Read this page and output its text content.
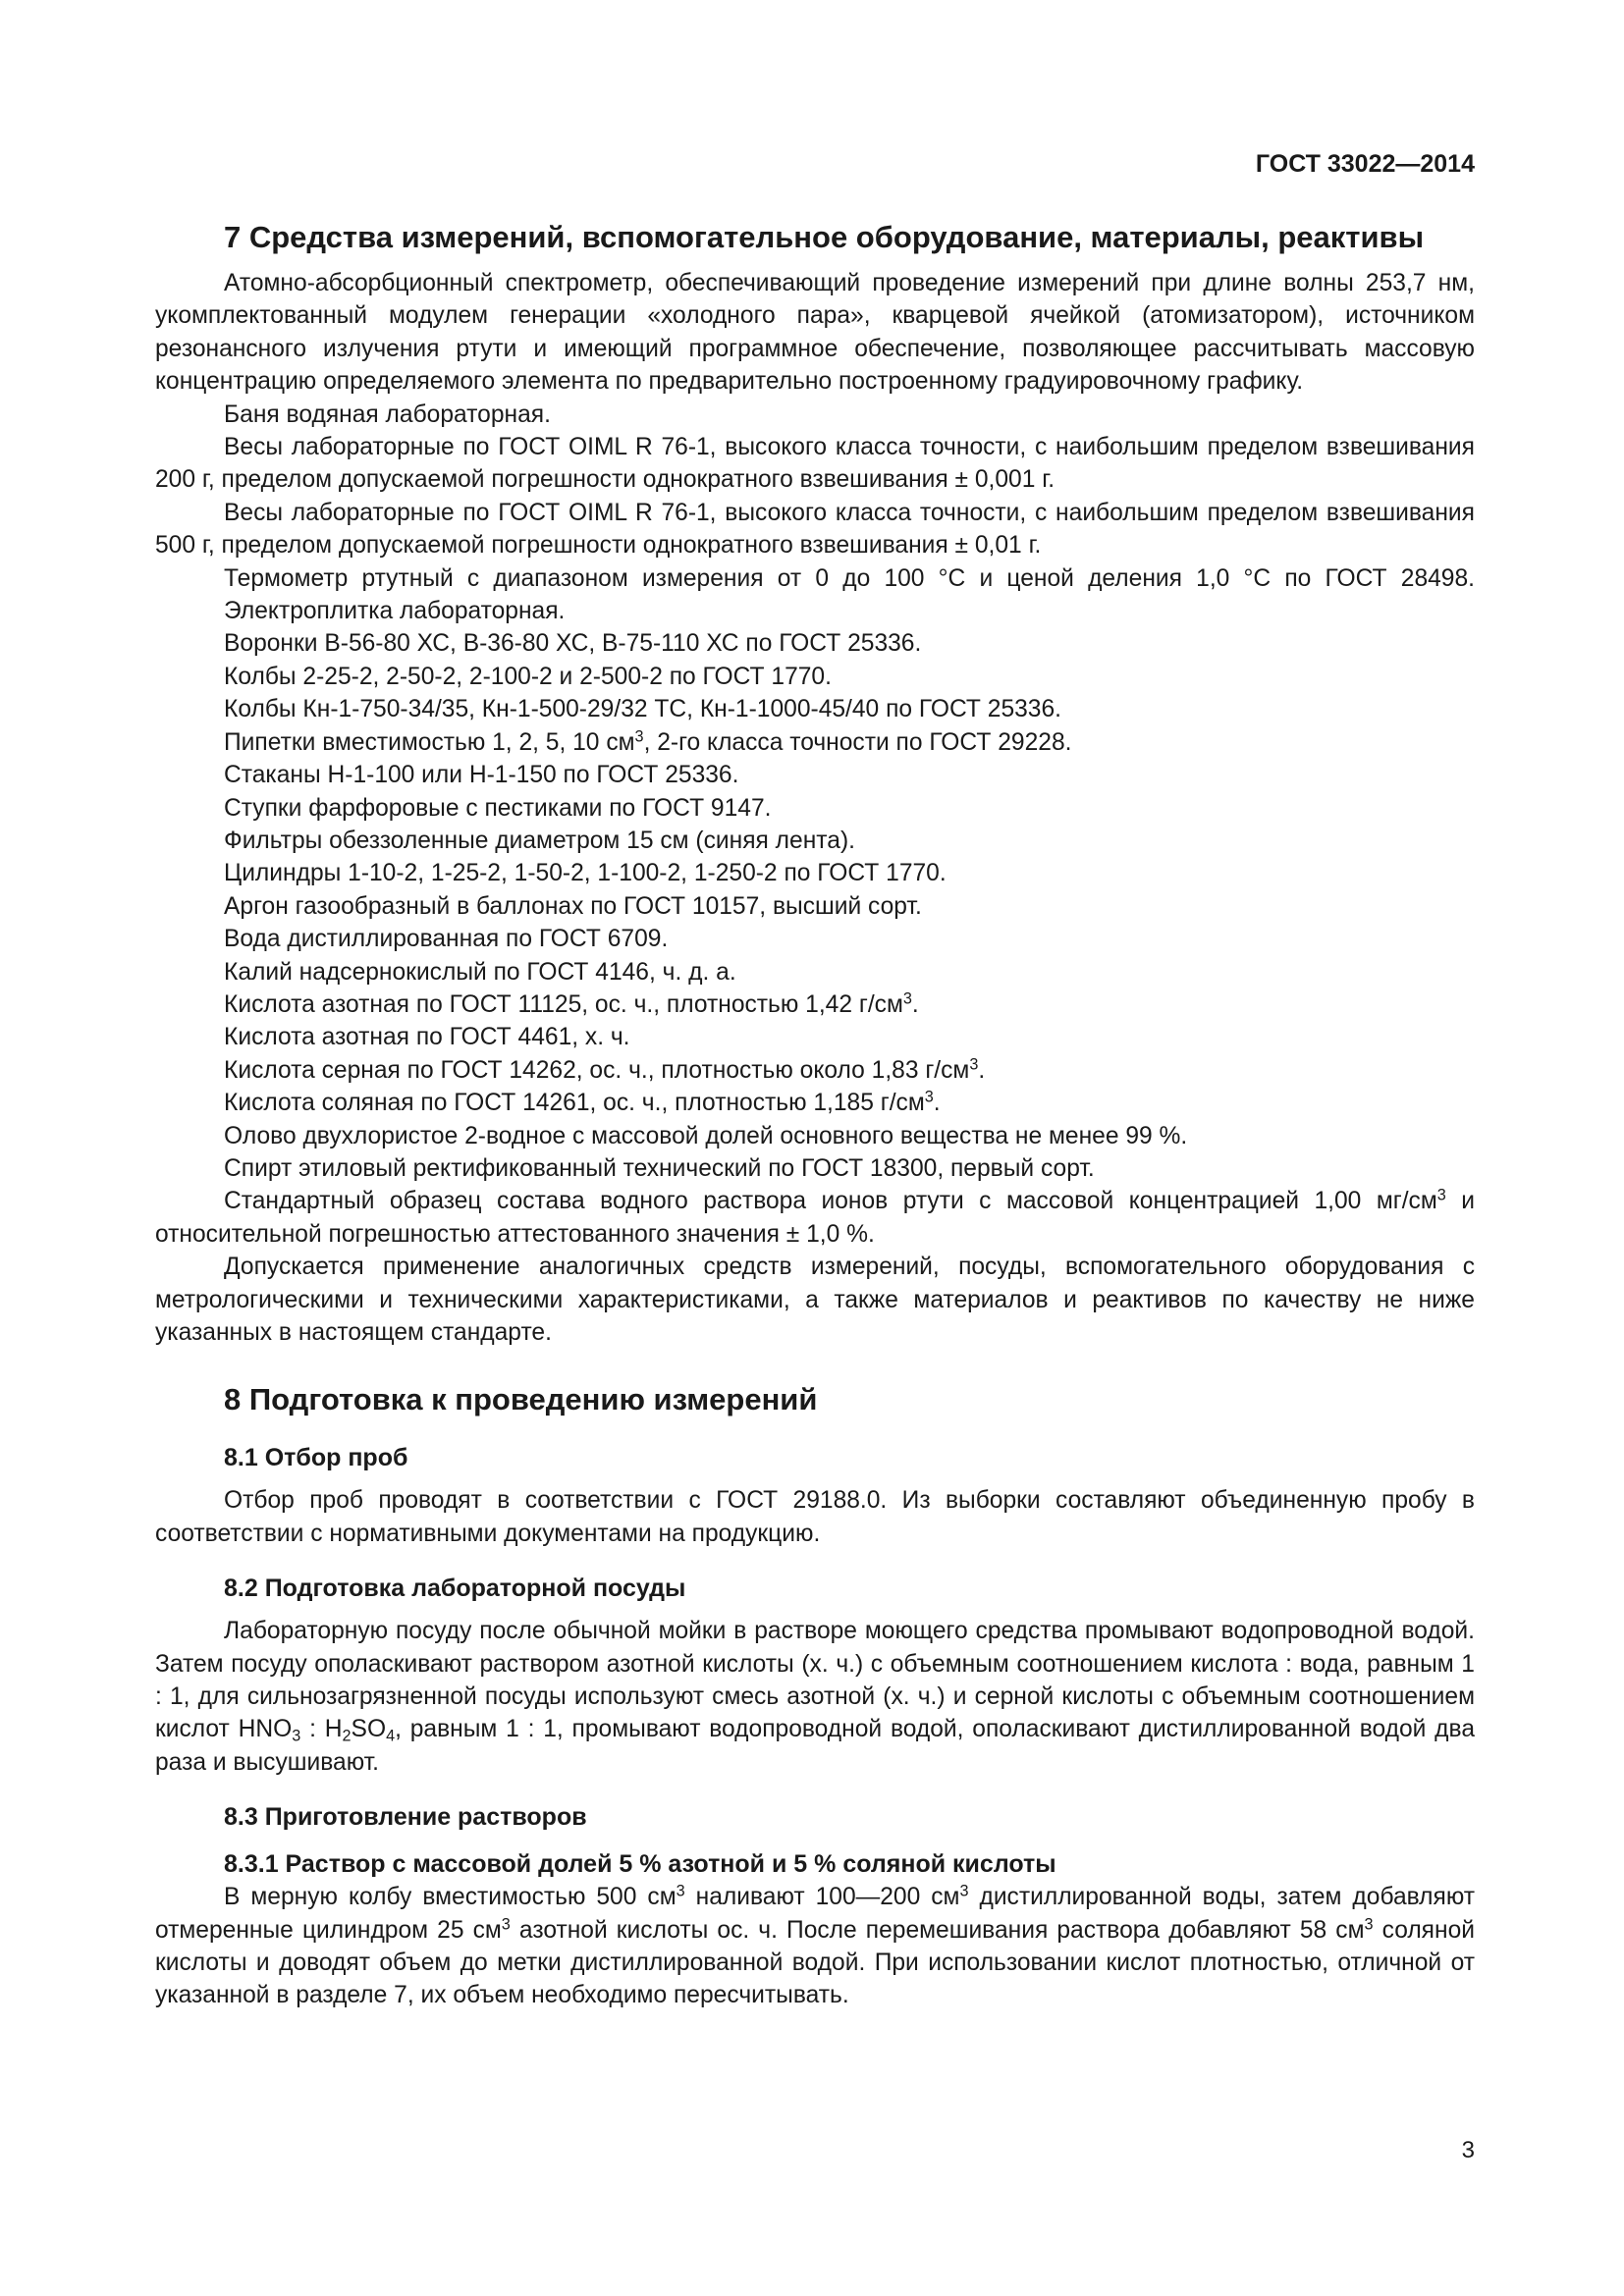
ГОСТ 33022—2014
7 Средства измерений, вспомогательное оборудование, материалы, реактивы

Атомно-абсорбционный спектрометр, обеспечивающий проведение измерений при длине волны 253,7 нм, укомплектованный модулем генерации «холодного пара», кварцевой ячейкой (атомизатором), источником резонансного излучения ртути и имеющий программное обеспечение, позволяющее рассчитывать массовую концентрацию определяемого элемента по предварительно построенному градуировочному графику.

Баня водяная лабораторная.

Весы лабораторные по ГОСТ OIML R 76-1, высокого класса точности, с наибольшим пределом взвешивания 200 г, пределом допускаемой погрешности однократного взвешивания ± 0,001 г.

Весы лабораторные по ГОСТ OIML R 76-1, высокого класса точности, с наибольшим пределом взвешивания 500 г, пределом допускаемой погрешности однократного взвешивания ± 0,01 г.

Термометр ртутный с диапазоном измерения от 0 до 100 °С и ценой деления 1,0 °С по ГОСТ 28498.

Электроплитка лабораторная.

Воронки В-56-80 ХС, В-36-80 ХС, В-75-110 ХС по ГОСТ 25336.

Колбы 2-25-2, 2-50-2, 2-100-2 и 2-500-2 по ГОСТ 1770.

Колбы Кн-1-750-34/35, Кн-1-500-29/32 ТС, Кн-1-1000-45/40 по ГОСТ 25336.

Пипетки вместимостью 1, 2, 5, 10 $см^3$, 2-го класса точности по ГОСТ 29228.

Стаканы Н-1-100 или Н-1-150 по ГОСТ 25336.

Ступки фарфоровые с пестиками по ГОСТ 9147.

Фильтры обеззоленные диаметром 15 см (синяя лента).

Цилиндры 1-10-2, 1-25-2, 1-50-2, 1-100-2, 1-250-2 по ГОСТ 1770.

Аргон газообразный в баллонах по ГОСТ 10157, высший сорт.

Вода дистиллированная по ГОСТ 6709.

Калий надсернокислый по ГОСТ 4146, ч. д. а.

Кислота азотная по ГОСТ 11125, ос. ч., плотностью 1,42 $г/см^3$.

Кислота азотная по ГОСТ 4461, х. ч.

Кислота серная по ГОСТ 14262, ос. ч., плотностью около 1,83 $г/см^3$.

Кислота соляная по ГОСТ 14261, ос. ч., плотностью 1,185 $г/см^3$.

Олово двухлористое 2-водное с массовой долей основного вещества не менее 99 %.

Спирт этиловый ректификованный технический по ГОСТ 18300, первый сорт.

Стандартный образец состава водного раствора ионов ртути с массовой концентрацией 1,00 $мг/см^3$ и относительной погрешностью аттестованного значения ± 1,0 %.

Допускается применение аналогичных средств измерений, посуды, вспомогательного оборудования с метрологическими и техническими характеристиками, а также материалов и реактивов по качеству не ниже указанных в настоящем стандарте.

8 Подготовка к проведению измерений
8.1 Отбор проб

Отбор проб проводят в соответствии с ГОСТ 29188.0. Из выборки составляют объединенную пробу в соответствии с нормативными документами на продукцию.

8.2 Подготовка лабораторной посуды

Лабораторную посуду после обычной мойки в растворе моющего средства промывают водопроводной водой. Затем посуду ополаскивают раствором азотной кислоты (х. ч.) с объемным соотношением кислота : вода, равным 1 : 1, для сильнозагрязненной посуды используют смесь азотной (х. ч.) и серной кислоты с объемным соотношением кислот $HNO_3$ : $H_2SO_4$, равным 1 : 1, промывают водопроводной водой, ополаскивают дистиллированной водой два раза и высушивают.

8.3 Приготовление растворов
8.3.1 Раствор с массовой долей 5 % азотной и 5 % соляной кислоты

В мерную колбу вместимостью 500 $см^3$ наливают 100—200 $см^3$ дистиллированной воды, затем добавляют отмеренные цилиндром 25 $см^3$ азотной кислоты ос. ч. После перемешивания раствора добавляют 58 $см^3$ соляной кислоты и доводят объем до метки дистиллированной водой. При использовании кислот плотностью, отличной от указанной в разделе 7, их объем необходимо пересчитывать.

3
